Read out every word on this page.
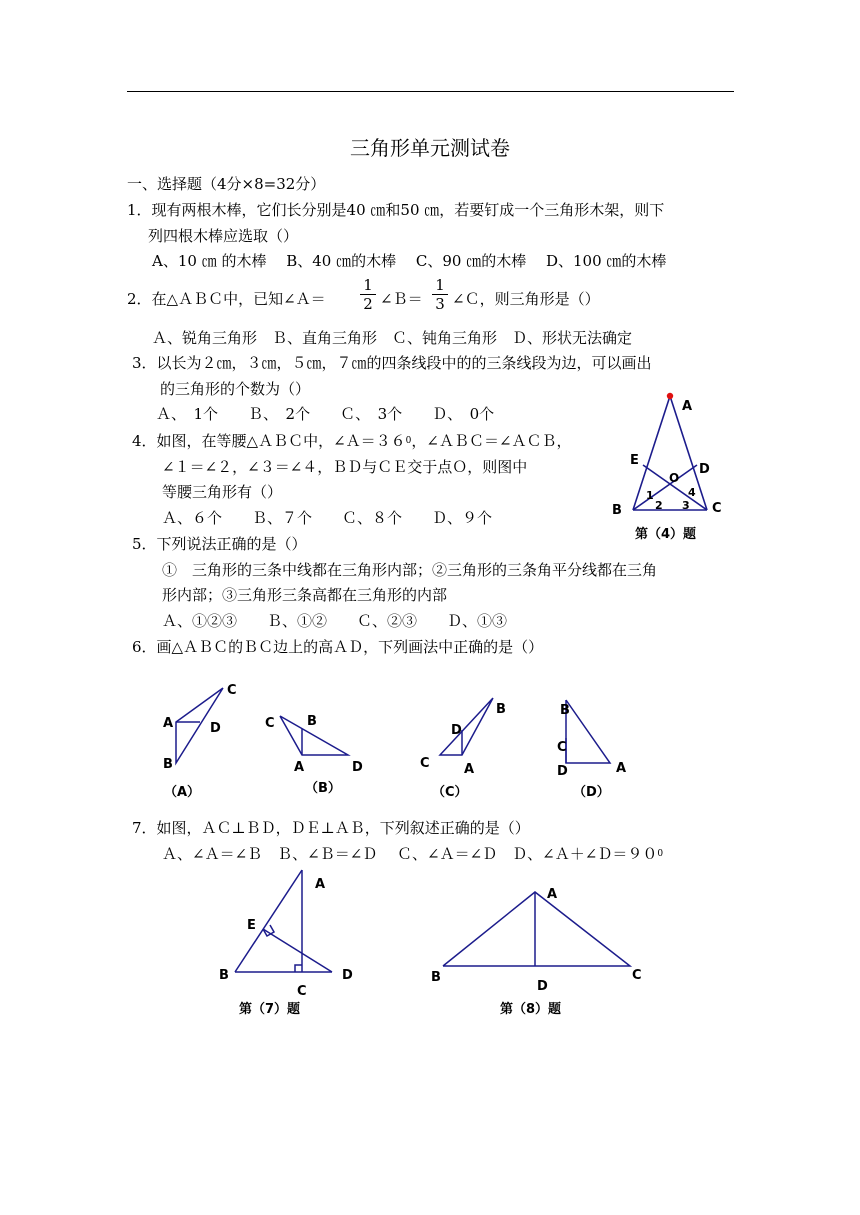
三角形单元测试卷
一、选择题（4分×8=32分）
1．现有两根木棒，它们长分别是40 ㎝和50 ㎝，若要钉成一个三角形木架，则下
列四根木棒应选取（）
A、10 ㎝ 的木棒　 B、40 ㎝的木棒　 C、90 ㎝的木棒　 D、100 ㎝的木棒
2．在△ＡＢＣ中，已知∠Ａ＝ $\frac{1}{2}$ ∠Ｂ＝ $\frac{1}{3}$ ∠Ｃ，则三角形是（）
Ａ、锐角三角形　Ｂ、直角三角形　Ｃ、钝角三角形　Ｄ、形状无法确定
3．以长为２㎝，３㎝，５㎝，７㎝的四条线段中的的三条线段为边，可以画出
的三角形的个数为（）
Ａ、　1个　　Ｂ、　2个　　Ｃ、　3个　　Ｄ、　0个
4．如图，在等腰△ＡＢＣ中，$\angle A=36^0$，∠ＡＢＣ＝∠ＡＣＢ，
∠１＝∠２，∠３＝∠４，ＢＤ与ＣＥ交于点Ｏ，则图中
等腰三角形有（）
Ａ、６个　　Ｂ、７个　　Ｃ、８个　　Ｄ、９个
A
E
D
O
B	C
1
2 3
4
第（4）题
5．下列说法正确的是（）
①　三角形的三条中线都在三角形内部；②三角形的三条角平分线都在三角
形内部；③三角形三条高都在三角形的内部
Ａ、①②③　　Ｂ、①②　　Ｃ、②③　　Ｄ、①③
6．画△ＡＢＣ的ＢＣ边上的高ＡＤ，下列画法中正确的是（）
C
A	D
B
（A）
C B
A	D
（B）
B
D
C	A
（C）
B
C
D	A
（D）
7．如图，ＡＣ⊥ＢＤ，ＤＥ⊥ＡＢ，下列叙述正确的是（）
Ａ、∠Ａ＝∠Ｂ　Ｂ、∠Ｂ＝∠Ｄ　 Ｃ、∠Ａ＝∠Ｄ　Ｄ、$\angle A+\angle D=90^0$
A
E
B	D
C
第（7）题
A
B
D
C
第（8）题
